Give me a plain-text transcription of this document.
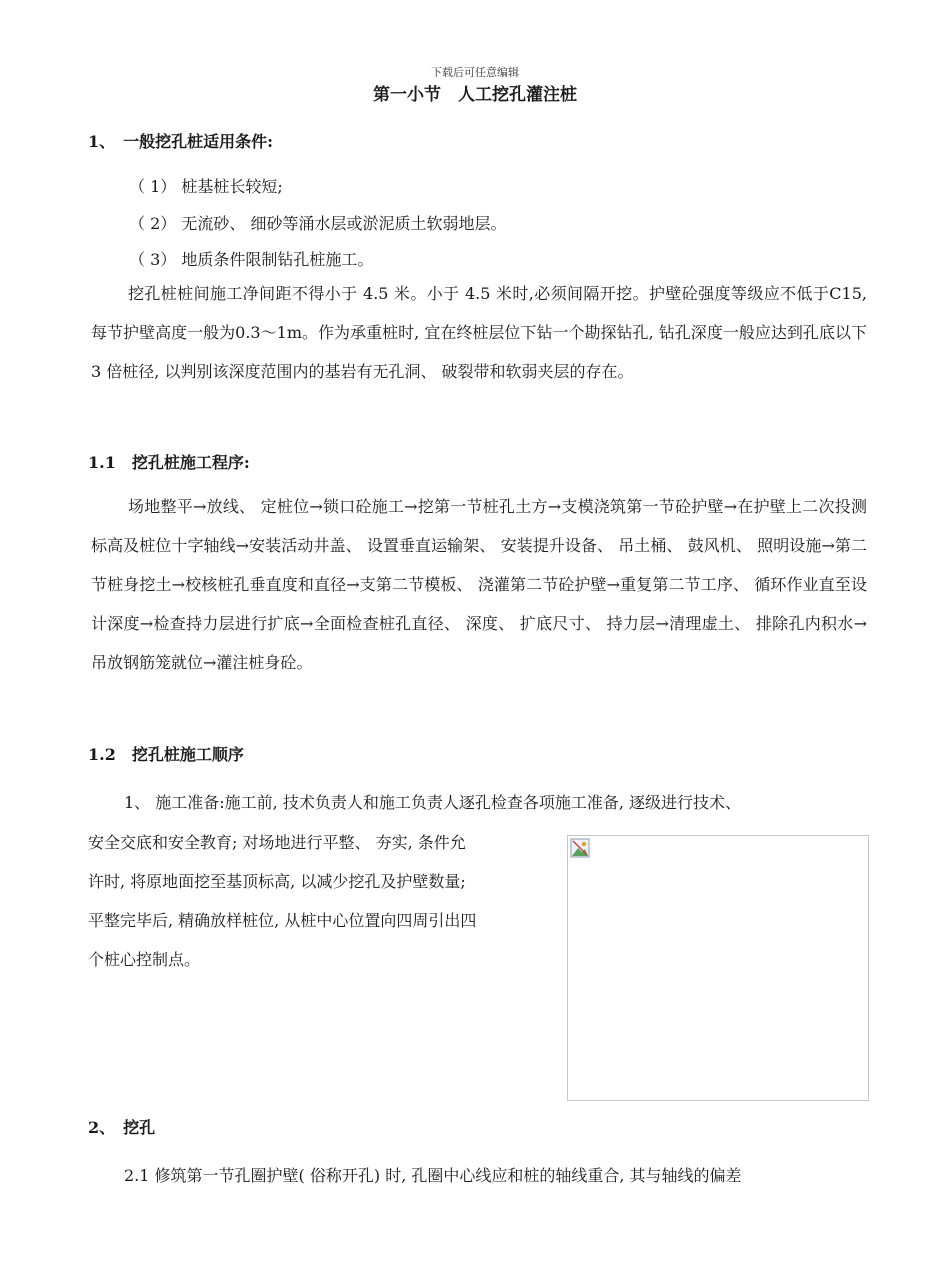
下载后可任意编辑
第一小节　人工挖孔灌注桩
1、　一般挖孔桩适用条件:
（ 1） 桩基桩长较短;
（ 2） 无流砂、 细砂等涌水层或淤泥质土软弱地层。
（ 3） 地质条件限制钻孔桩施工。
挖孔桩桩间施工净间距不得小于 4.5 米。小于 4.5 米时,必须间隔开挖。护壁砼强度等级应不低于C15, 每节护壁高度一般为0.3～1m。作为承重桩时, 宜在终桩层位下钻一个勘探钻孔, 钻孔深度一般应达到孔底以下 3 倍桩径, 以判别该深度范围内的基岩有无孔洞、 破裂带和软弱夹层的存在。
1.1　挖孔桩施工程序:
场地整平→放线、 定桩位→锁口砼施工→挖第一节桩孔土方→支模浇筑第一节砼护壁→在护壁上二次投测标高及桩位十字轴线→安装活动井盖、 设置垂直运输架、 安装提升设备、 吊土桶、 鼓风机、 照明设施→第二节桩身挖土→校核桩孔垂直度和直径→支第二节模板、 浇灌第二节砼护壁→重复第二节工序、 循环作业直至设计深度→检查持力层进行扩底→全面检查桩孔直径、 深度、 扩底尺寸、 持力层→清理虚土、 排除孔内积水→吊放钢筋笼就位→灌注桩身砼。
1.2　挖孔桩施工顺序
1、 施工准备:施工前, 技术负责人和施工负责人逐孔检查各项施工准备, 逐级进行技术、
安全交底和安全教育; 对场地进行平整、 夯实, 条件允
许时, 将原地面挖至基顶标高, 以减少挖孔及护壁数量;
平整完毕后, 精确放样桩位, 从桩中心位置向四周引出四
个桩心控制点。
2、　挖孔
2.1 修筑第一节孔圈护壁( 俗称开孔) 时, 孔圈中心线应和桩的轴线重合, 其与轴线的偏差
